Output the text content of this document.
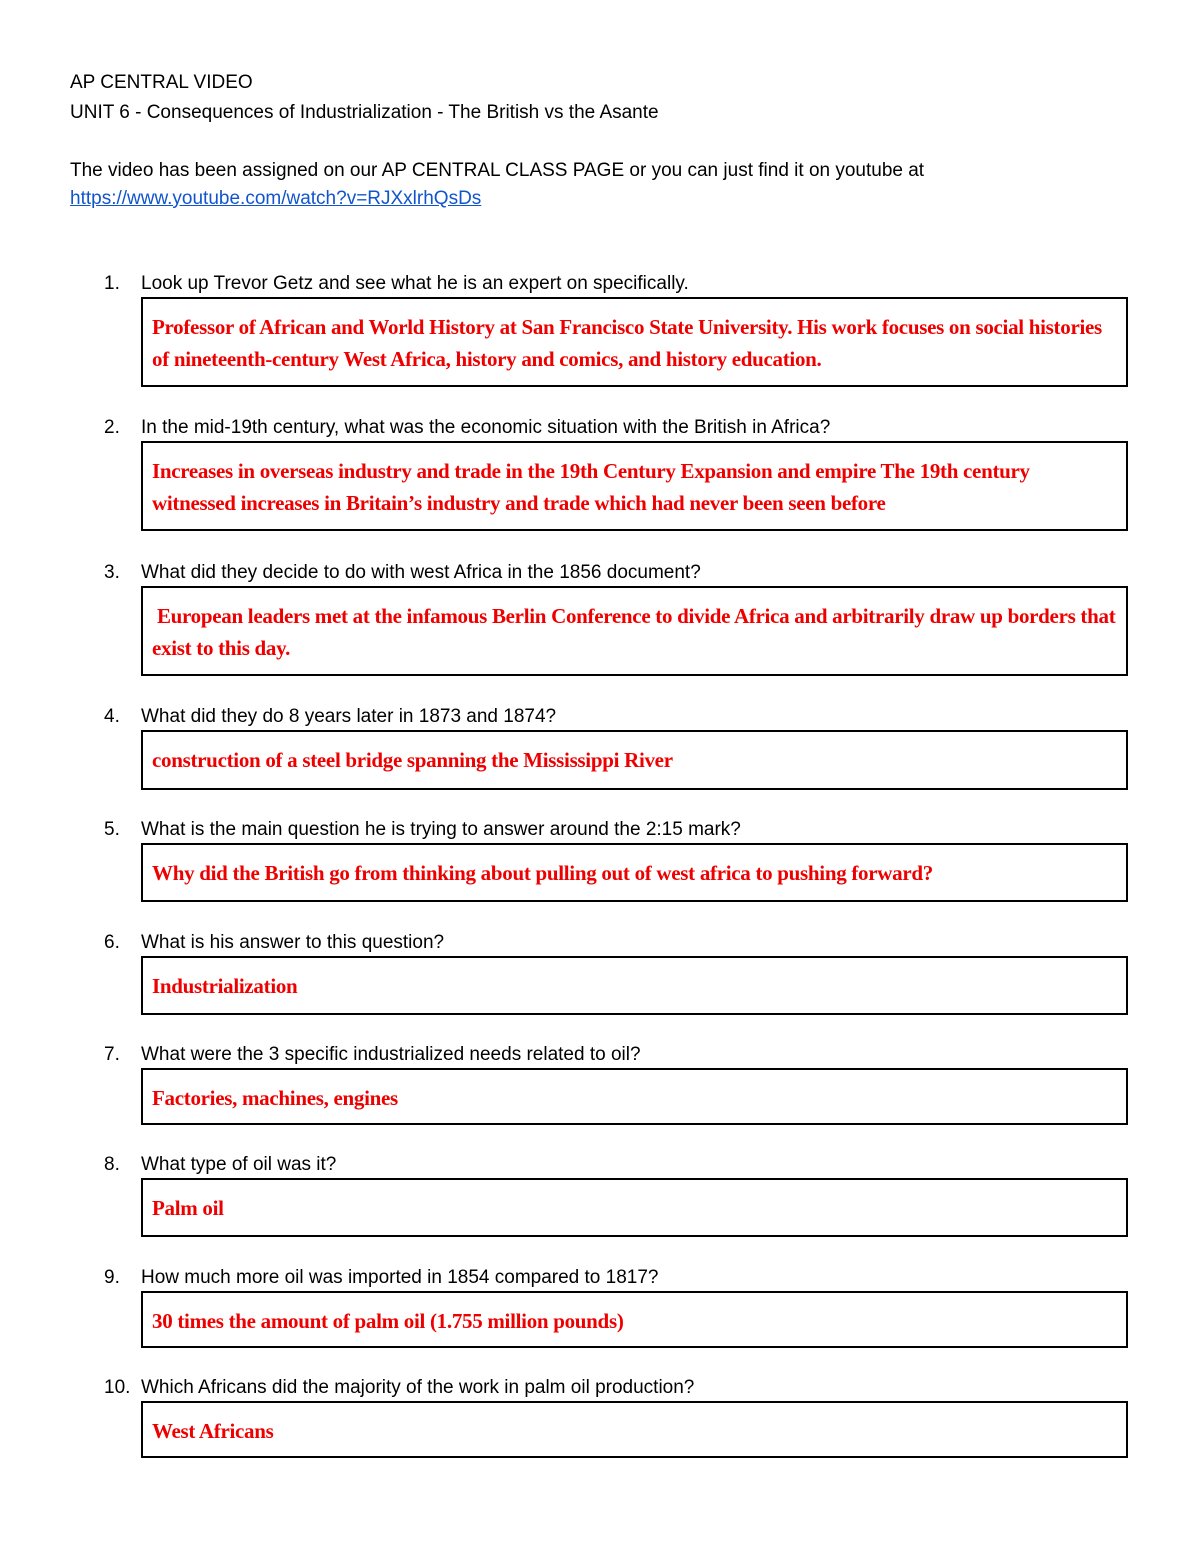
AP CENTRAL VIDEO
UNIT 6 - Consequences of Industrialization - The British vs the Asante
The video has been assigned on our AP CENTRAL CLASS PAGE or you can just find it on youtube at
https://www.youtube.com/watch?v=RJXxlrhQsDs
1. Look up Trevor Getz and see what he is an expert on specifically.
Professor of African and World History at San Francisco State University. His work focuses on social histories of nineteenth-century West Africa, history and comics, and history education.
2. In the mid-19th century, what was the economic situation with the British in Africa?
Increases in overseas industry and trade in the 19th Century Expansion and empire The 19th century witnessed increases in Britain’s industry and trade which had never been seen before
3. What did they decide to do with west Africa in the 1856 document?
European leaders met at the infamous Berlin Conference to divide Africa and arbitrarily draw up borders that exist to this day.
4. What did they do 8 years later in 1873 and 1874?
construction of a steel bridge spanning the Mississippi River
5. What is the main question he is trying to answer around the 2:15 mark?
Why did the British go from thinking about pulling out of west africa to pushing forward?
6. What is his answer to this question?
Industrialization
7. What were the 3 specific industrialized needs related to oil?
Factories, machines, engines
8. What type of oil was it?
Palm oil
9. How much more oil was imported in 1854 compared to 1817?
30 times the amount of palm oil (1.755 million pounds)
10. Which Africans did the majority of the work in palm oil production?
West Africans
